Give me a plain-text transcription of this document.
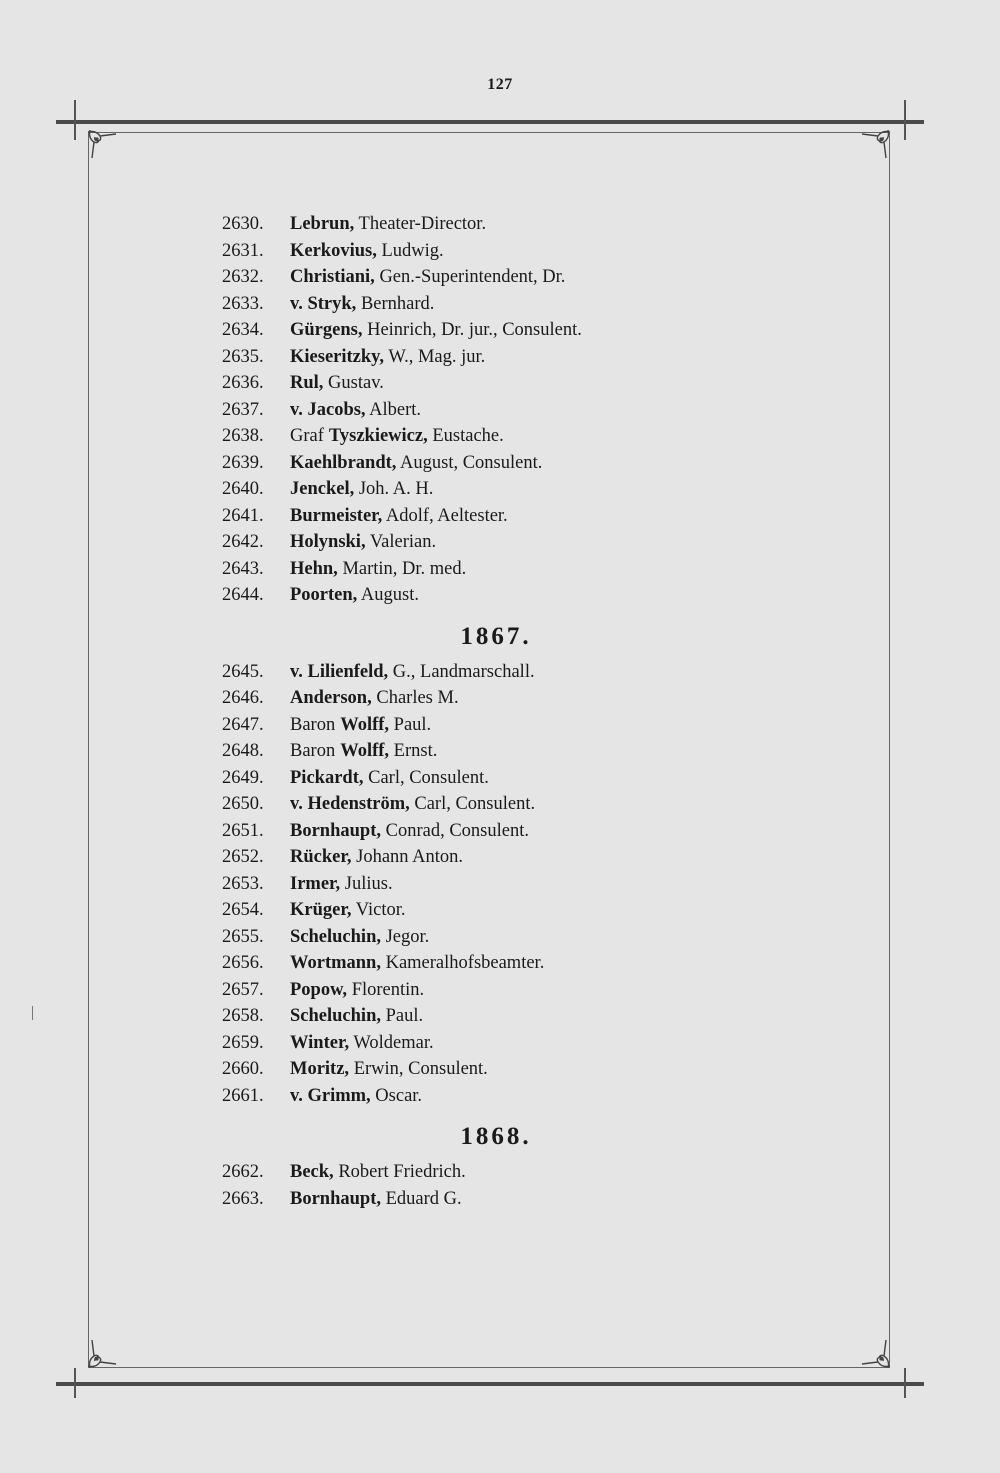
127
2630.	Lebrun, Theater-Director.
2631.	Kerkovius, Ludwig.
2632.	Christiani, Gen.-Superintendent, Dr.
2633.	v. Stryk, Bernhard.
2634.	Gürgens, Heinrich, Dr. jur., Consulent.
2635.	Kieseritzky, W., Mag. jur.
2636.	Rul, Gustav.
2637.	v. Jacobs, Albert.
2638.	Graf Tyszkiewicz, Eustache.
2639.	Kaehlbrandt, August, Consulent.
2640.	Jenckel, Joh. A. H.
2641.	Burmeister, Adolf, Aeltester.
2642.	Holynski, Valerian.
2643.	Hehn, Martin, Dr. med.
2644.	Poorten, August.
1867.
2645.	v. Lilienfeld, G., Landmarschall.
2646.	Anderson, Charles M.
2647.	Baron Wolff, Paul.
2648.	Baron Wolff, Ernst.
2649.	Pickardt, Carl, Consulent.
2650.	v. Hedenström, Carl, Consulent.
2651.	Bornhaupt, Conrad, Consulent.
2652.	Rücker, Johann Anton.
2653.	Irmer, Julius.
2654.	Krüger, Victor.
2655.	Scheluchin, Jegor.
2656.	Wortmann, Kameralhofsbeamter.
2657.	Popow, Florentin.
2658.	Scheluchin, Paul.
2659.	Winter, Woldemar.
2660.	Moritz, Erwin, Consulent.
2661.	v. Grimm, Oscar.
1868.
2662.	Beck, Robert Friedrich.
2663.	Bornhaupt, Eduard G.
